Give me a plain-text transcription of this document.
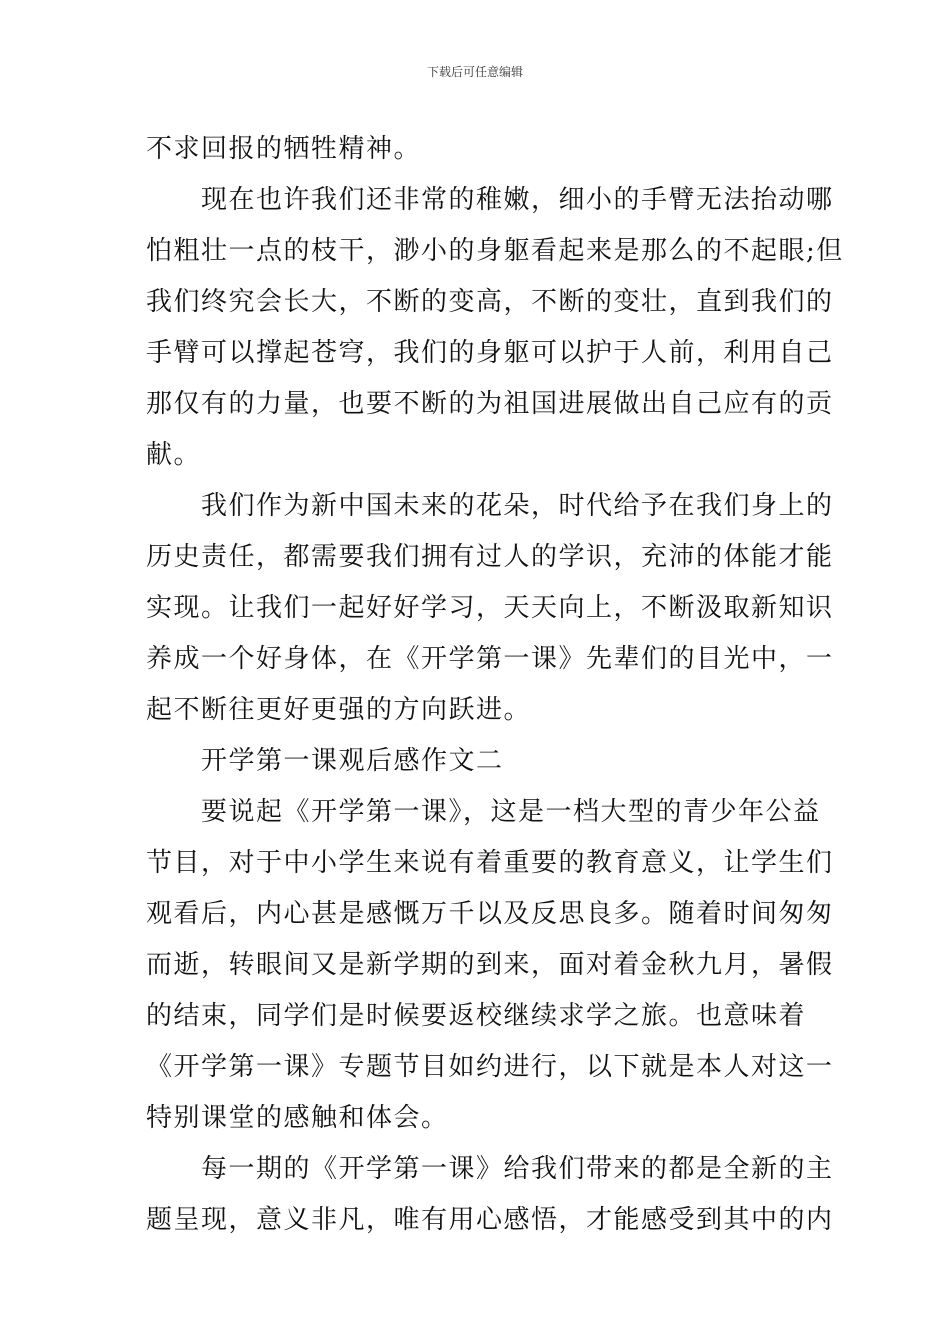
下载后可任意编辑
不求回报的牺牲精神。
现在也许我们还非常的稚嫩，细小的手臂无法抬动哪
怕粗壮一点的枝干，渺小的身躯看起来是那么的不起眼;但
我们终究会长大，不断的变高，不断的变壮，直到我们的
手臂可以撑起苍穹，我们的身躯可以护于人前，利用自己
那仅有的力量，也要不断的为祖国进展做出自己应有的贡
献。
我们作为新中国未来的花朵，时代给予在我们身上的
历史责任，都需要我们拥有过人的学识，充沛的体能才能
实现。让我们一起好好学习，天天向上，不断汲取新知识
养成一个好身体，在《开学第一课》先辈们的目光中，一
起不断往更好更强的方向跃进。
开学第一课观后感作文二
要说起《开学第一课》，这是一档大型的青少年公益
节目，对于中小学生来说有着重要的教育意义，让学生们
观看后，内心甚是感慨万千以及反思良多。随着时间匆匆
而逝，转眼间又是新学期的到来，面对着金秋九月，暑假
的结束，同学们是时候要返校继续求学之旅。也意味着
《开学第一课》专题节目如约进行，以下就是本人对这一
特别课堂的感触和体会。
每一期的《开学第一课》给我们带来的都是全新的主
题呈现，意义非凡，唯有用心感悟，才能感受到其中的内
